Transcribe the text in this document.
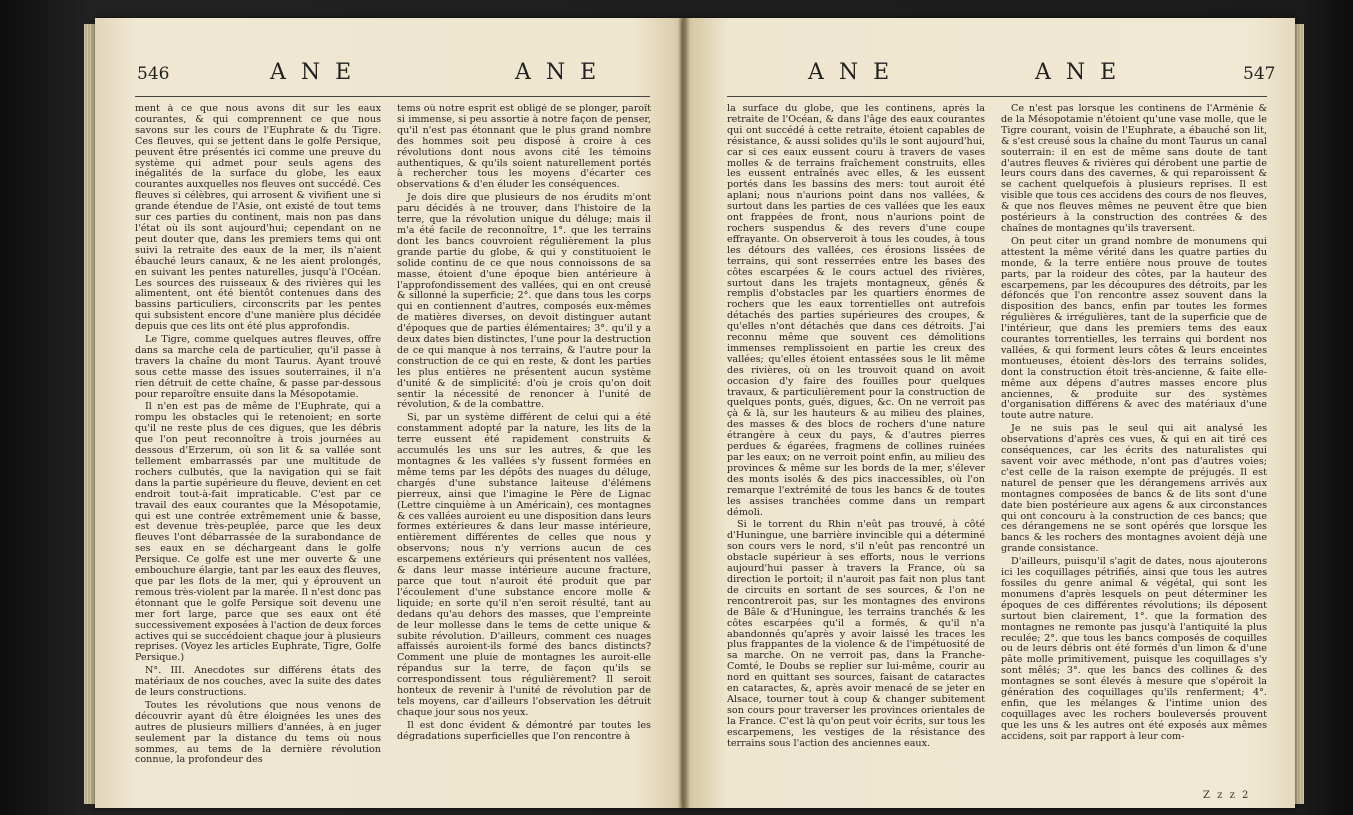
546	A N E	A N E

ment à ce que nous avons dit sur les eaux courantes, & qui comprennent ce que nous savons sur les cours de l'Euphrate & du Tigre. Ces fleuves, qui se jettent dans le golfe Persique, peuvent être présentés ici comme une preuve du système qui admet pour seuls agens des inégalités de la surface du globe, les eaux courantes auxquelles nos fleuves ont succédé. Ces fleuves si célèbres, qui arrosent & vivifient une si grande étendue de l'Asie, ont existé de tout tems sur ces parties du continent, mais non pas dans l'état où ils sont aujourd'hui; cependant on ne peut douter que, dans les premiers tems qui ont suivi la retraite des eaux de la mer, ils n'aient ébauché leurs canaux, & ne les aient prolongés, en suivant les pentes naturelles, jusqu'à l'Océan. Les sources des ruisseaux & des rivières qui les alimentent, ont été bientôt contenues dans des bassins particuliers, circonscrits par les pentes qui subsistent encore d'une manière plus décidée depuis que ces lits ont été plus approfondis.

Le Tigre, comme quelques autres fleuves, offre dans sa marche cela de particulier, qu'il passe à travers la chaîne du mont Taurus. Ayant trouvé sous cette masse des issues souterraines, il n'a rien détruit de cette chaîne, & passe par-dessous pour reparoître ensuite dans la Mésopotamie.

Il n'en est pas de même de l'Euphrate, qui a rompu les obstacles qui le retenoient; en sorte qu'il ne reste plus de ces digues, que les débris que l'on peut reconnoître à trois journées au dessous d'Erzerum, où son lit & sa vallée sont tellement embarrassés par une multitude de rochers culbutés, que la navigation qui se fait dans la partie supérieure du fleuve, devient en cet endroit tout-à-fait impraticable. C'est par ce travail des eaux courantes que la Mésopotamie, qui est une contrée extrêmement unie & basse, est devenue très-peuplée, parce que les deux fleuves l'ont débarrassée de la surabondance de ses eaux en se déchargeant dans le golfe Persique. Ce golfe est une mer ouverte & une embouchure élargie, tant par les eaux des fleuves, que par les flots de la mer, qui y éprouvent un remous très-violent par la marée. Il n'est donc pas étonnant que le golfe Persique soit devenu une mer fort large, parce que ses eaux ont été successivement exposées à l'action de deux forces actives qui se succédoient chaque jour à plusieurs reprises. (Voyez les articles Euphrate, Tigre, Golfe Persique.)

N°. III. Anecdotes sur différens états des matériaux de nos couches, avec la suite des dates de leurs constructions.

Toutes les révolutions que nous venons de découvrir ayant dû être éloignées les unes des autres de plusieurs milliers d'années, à en juger seulement par la distance du tems où nous sommes, au tems de la dernière révolution connue, la profondeur des

tems où notre esprit est obligé de se plonger, paroît si immense, si peu assortie à notre façon de penser, qu'il n'est pas étonnant que le plus grand nombre des hommes soit peu disposé à croire à ces révolutions dont nous avons cité les témoins authentiques, & qu'ils soient naturellement portés à rechercher tous les moyens d'écarter ces observations & d'en éluder les conséquences.

Je dois dire que plusieurs de nos érudits m'ont paru décidés à ne trouver, dans l'histoire de la terre, que la révolution unique du déluge; mais il m'a été facile de reconnoître, 1°. que les terrains dont les bancs couvroient régulièrement la plus grande partie du globe, & qui y constituoient le solide continu de ce que nous connoissons de sa masse, étoient d'une époque bien antérieure à l'approfondissement des vallées, qui en ont creusé & sillonné la superficie; 2°. que dans tous les corps qui en contiennent d'autres, composés eux-mêmes de matières diverses, on devoit distinguer autant d'époques que de parties élémentaires; 3°. qu'il y a deux dates bien distinctes, l'une pour la destruction de ce qui manque à nos terrains, & l'autre pour la construction de ce qui en reste, & dont les parties les plus entières ne présentent aucun système d'unité & de simplicité: d'où je crois qu'on doit sentir la nécessité de renoncer à l'unité de révolution, & de la combattre.

Si, par un système différent de celui qui a été constamment adopté par la nature, les lits de la terre eussent été rapidement construits & accumulés les uns sur les autres, & que les montagnes & les vallées s'y fussent formées en même tems par les dépôts des nuages du déluge, chargés d'une substance laiteuse d'élémens pierreux, ainsi que l'imagine le Père de Lignac (Lettre cinquième à un Américain), ces montagnes & ces vallées auroient eu une disposition dans leurs formes extérieures & dans leur masse intérieure, entièrement différentes de celles que nous y observons; nous n'y verrions aucun de ces escarpemens extérieurs qui présentent nos vallées, & dans leur masse intérieure aucune fracture, parce que tout n'auroit été produit que par l'écoulement d'une substance encore molle & liquide; en sorte qu'il n'en seroit résulté, tant au dedans qu'au dehors des masses, que l'empreinte de leur mollesse dans le tems de cette unique & subite révolution. D'ailleurs, comment ces nuages affaissés auroient-ils formé des bancs distincts? Comment une pluie de montagnes les auroit-elle répandus sur la terre, de façon qu'ils se correspondissent tous régulièrement? Il seroit honteux de revenir à l'unité de révolution par de tels moyens, car d'ailleurs l'observation les détruit chaque jour sous nos yeux.

Il est donc évident & démontré par toutes les dégradations superficielles que l'on rencontre à

A N E	A N E	547

la surface du globe, que les continens, après la retraite de l'Océan, & dans l'âge des eaux courantes qui ont succédé à cette retraite, étoient capables de résistance, & aussi solides qu'ils le sont aujourd'hui, car si ces eaux eussent couru à travers de vases molles & de terrains fraîchement construits, elles les eussent entraînés avec elles, & les eussent portés dans les bassins des mers: tout auroit été aplani; nous n'aurions point dans nos vallées, & surtout dans les parties de ces vallées que les eaux ont frappées de front, nous n'aurions point de rochers suspendus & des revers d'une coupe effrayante. On observeroit à tous les coudes, à tous les détours des vallées, ces érosions lissées de terrains, qui sont resserrées entre les bases des côtes escarpées & le cours actuel des rivières, surtout dans les trajets montagneux, gênés & remplis d'obstacles par les quartiers énormes de rochers que les eaux torrentielles ont autrefois détachés des parties supérieures des croupes, & qu'elles n'ont détachés que dans ces détroits. J'ai reconnu même que souvent ces démolitions immenses remplissoient en partie les creux des vallées; qu'elles étoient entassées sous le lit même des rivières, où on les trouvoit quand on avoit occasion d'y faire des fouilles pour quelques travaux, & particulièrement pour la construction de quelques ponts, gués, digues, &c. On ne verroit pas çà & là, sur les hauteurs & au milieu des plaines, des masses & des blocs de rochers d'une nature étrangère à ceux du pays, & d'autres pierres perdues & égarées, fragmens de collines ruinées par les eaux; on ne verroit point enfin, au milieu des provinces & même sur les bords de la mer, s'élever des monts isolés & des pics inaccessibles, où l'on remarque l'extrémité de tous les bancs & de toutes les assises tranchées comme dans un rempart démoli.

Si le torrent du Rhin n'eût pas trouvé, à côté d'Huningue, une barrière invincible qui a déterminé son cours vers le nord, s'il n'eût pas rencontré un obstacle supérieur à ses efforts, nous le verrions aujourd'hui passer à travers la France, où sa direction le portoit; il n'auroit pas fait non plus tant de circuits en sortant de ses sources, & l'on ne rencontreroit pas, sur les montagnes des environs de Bâle & d'Huningue, les terrains tranchés & les côtes escarpées qu'il a formés, & qu'il n'a abandonnés qu'après y avoir laissé les traces les plus frappantes de la violence & de l'impétuosité de sa marche. On ne verroit pas, dans la Franche-Comté, le Doubs se replier sur lui-même, courir au nord en quittant ses sources, faisant de cataractes en cataractes, &, après avoir menacé de se jeter en Alsace, tourner tout à coup & changer subitement son cours pour traverser les provinces orientales de la France. C'est là qu'on peut voir écrits, sur tous les escarpemens, les vestiges de la résistance des terrains sous l'action des anciennes eaux.

Ce n'est pas lorsque les continens de l'Arménie & de la Mésopotamie n'étoient qu'une vase molle, que le Tigre courant, voisin de l'Euphrate, a ébauché son lit, & s'est creusé sous la chaîne du mont Taurus un canal souterrain: il en est de même sans doute de tant d'autres fleuves & rivières qui dérobent une partie de leurs cours dans des cavernes, & qui reparoissent & se cachent quelquefois à plusieurs reprises. Il est visible que tous ces accidens des cours de nos fleuves, & que nos fleuves mêmes ne peuvent être que bien postérieurs à la construction des contrées & des chaînes de montagnes qu'ils traversent.

On peut citer un grand nombre de monumens qui attestent la même vérité dans les quatre parties du monde, & la terre entière nous prouve de toutes parts, par la roideur des côtes, par la hauteur des escarpemens, par les découpures des détroits, par les défoncés que l'on rencontre assez souvent dans la disposition des bancs, enfin par toutes les formes régulières & irrégulières, tant de la superficie que de l'intérieur, que dans les premiers tems des eaux courantes torrentielles, les terrains qui bordent nos vallées, & qui forment leurs côtes & leurs enceintes montueuses, étoient dès-lors des terrains solides, dont la construction étoit très-ancienne, & faite elle-même aux dépens d'autres masses encore plus anciennes, & produite sur des systèmes d'organisation différens & avec des matériaux d'une toute autre nature.

Je ne suis pas le seul qui ait analysé les observations d'après ces vues, & qui en ait tiré ces conséquences, car les écrits des naturalistes qui savent voir avec méthode, n'ont pas d'autres voies; c'est celle de la raison exempte de préjugés. Il est naturel de penser que les dérangemens arrivés aux montagnes composées de bancs & de lits sont d'une date bien postérieure aux agens & aux circonstances qui ont concouru à la construction de ces bancs; que ces dérangemens ne se sont opérés que lorsque les bancs & les rochers des montagnes avoient déjà une grande consistance.

D'ailleurs, puisqu'il s'agit de dates, nous ajouterons ici les coquillages pétrifiés, ainsi que tous les autres fossiles du genre animal & végétal, qui sont les monumens d'après lesquels on peut déterminer les époques de ces différentes révolutions; ils déposent surtout bien clairement, 1°. que la formation des montagnes ne remonte pas jusqu'à l'antiquité la plus reculée; 2°. que tous les bancs composés de coquilles ou de leurs débris ont été formés d'un limon & d'une pâte molle primitivement, puisque les coquillages s'y sont mêlés; 3°. que les bancs des collines & des montagnes se sont élevés à mesure que s'opéroit la génération des coquillages qu'ils renferment; 4°. enfin, que les mélanges & l'intime union des coquillages avec les rochers bouleversés prouvent que les uns & les autres ont été exposés aux mêmes accidens, soit par rapport à leur com-

Z z z 2
